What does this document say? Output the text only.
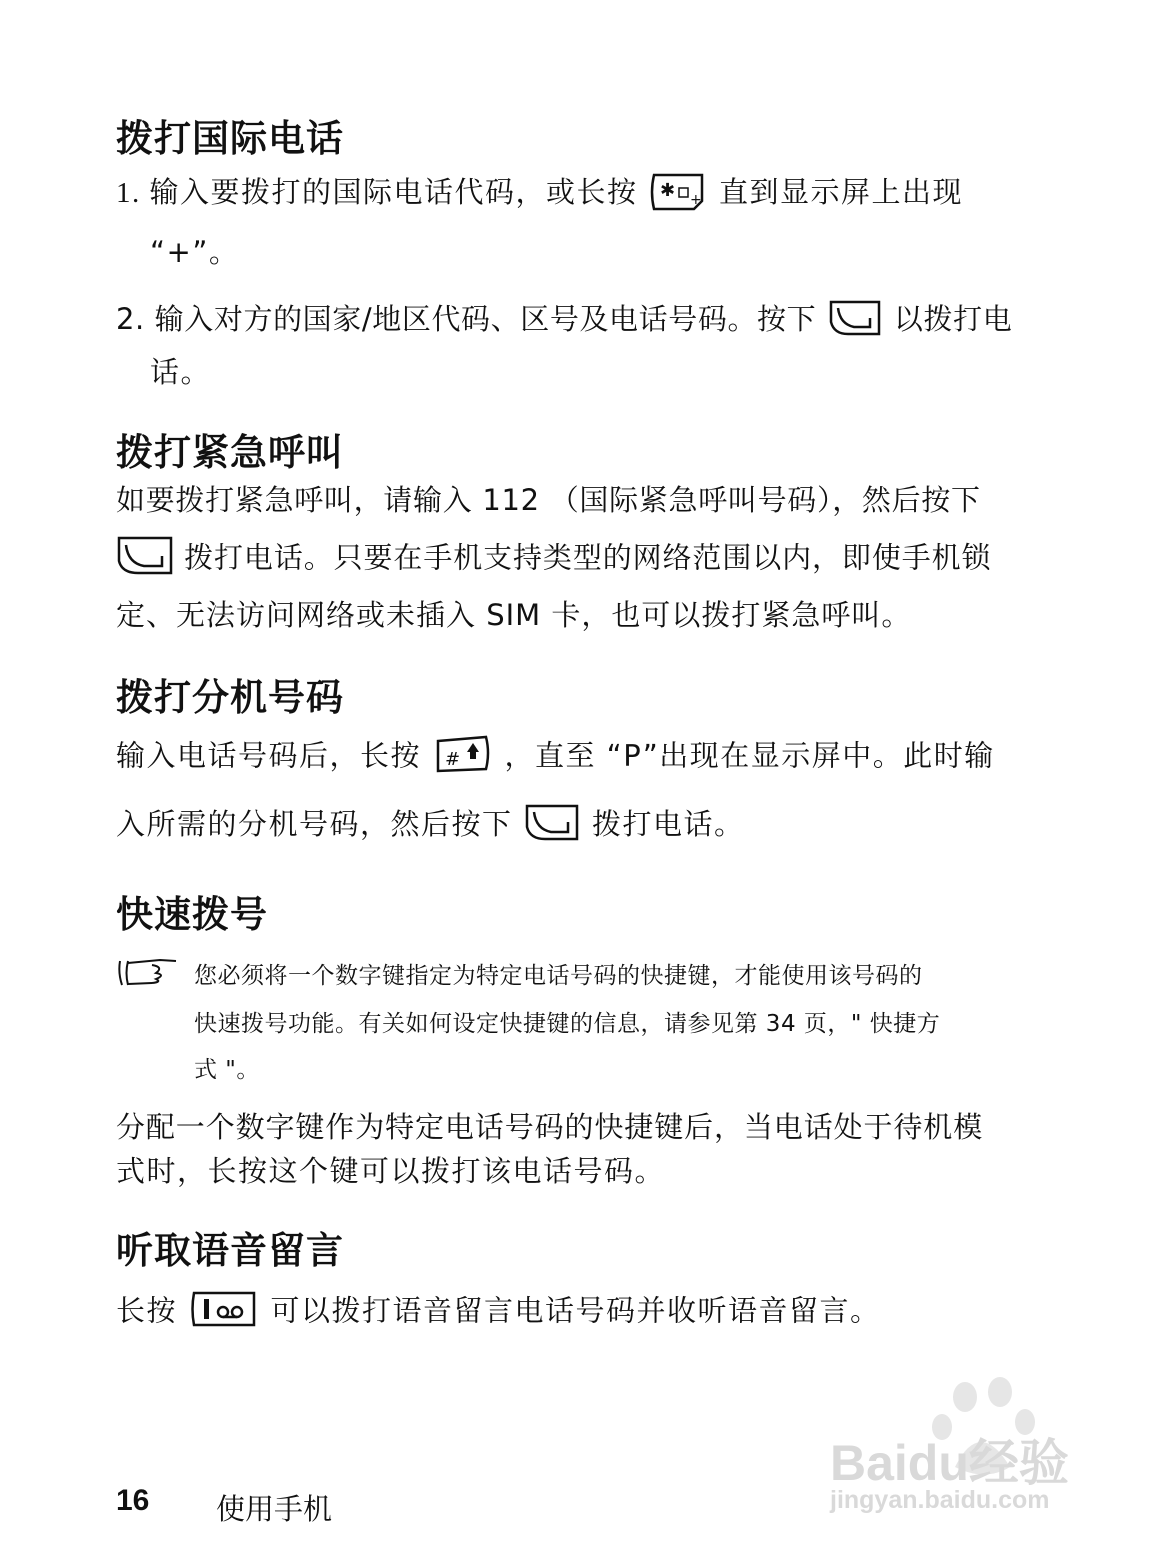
拨打国际电话
1. 输入要拨打的国际电话代码，或长按 ✱ + 直到显示屏上出现
“+”。
2. 输入对方的国家/地区代码、区号及电话号码。按下	以拨打电
话。
拨打紧急呼叫
如要拨打紧急呼叫，请输入 112 （国际紧急呼叫号码），然后按下
拨打电话。只要在手机支持类型的网络范围以内，即使手机锁
定、无法访问网络或未插入 SIM 卡，也可以拨打紧急呼叫。
拨打分机号码
输入电话号码后，长按 # ，直至 “P”出现在显示屏中。此时输
入所需的分机号码，然后按下	拨打电话。
快速拨号
您必须将一个数字键指定为特定电话号码的快捷键，才能使用该号码的
快速拨号功能。有关如何设定快捷键的信息，请参见第 34 页，" 快捷方
式 "。
分配一个数字键作为特定电话号码的快捷键后，当电话处于待机模
式时，长按这个键可以拨打该电话号码。
听取语音留言
长按	可以拨打语音留言电话号码并收听语音留言。
Baidu经验
jingyan.baidu.com
16 使用手机
